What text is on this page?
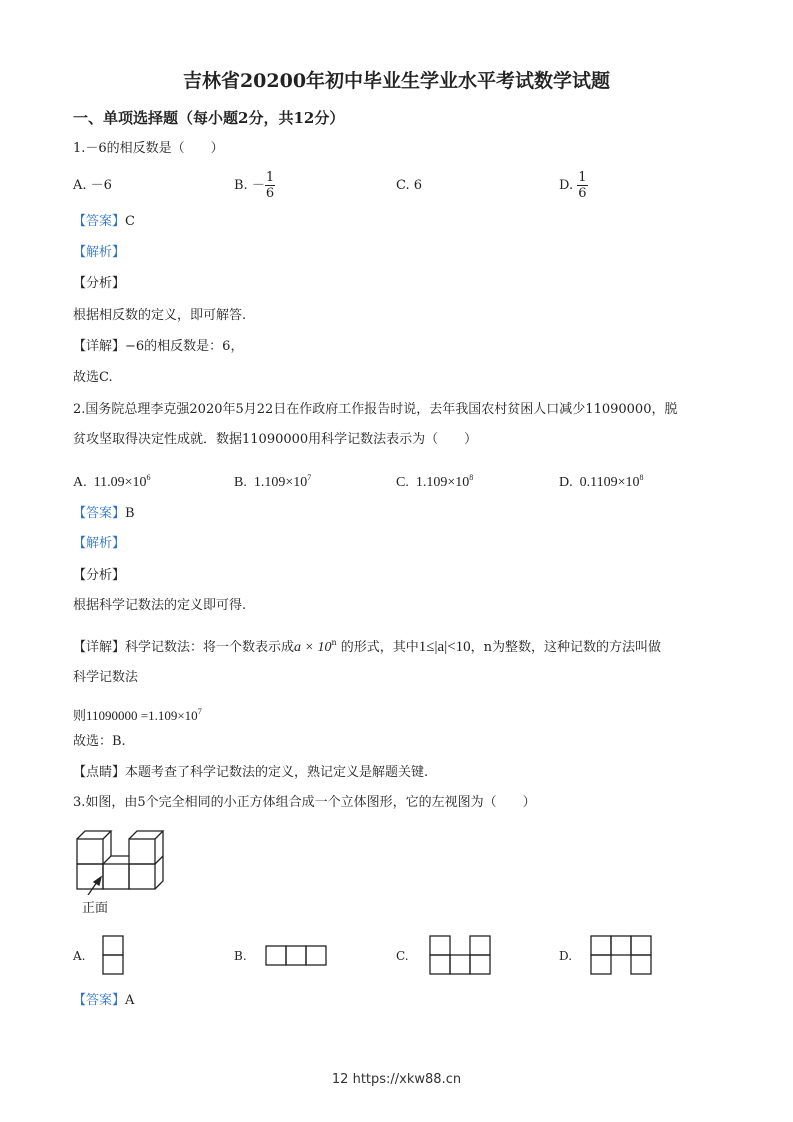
吉林省20200年初中毕业生学业水平考试数学试题
一、单项选择题（每小题2分，共12分）
1.－6的相反数是（　　）
A. －6	B. － $\frac{1}{6}$	C. 6	D. $\frac{1}{6}$
【答案】C
【解析】
【分析】
根据相反数的定义，即可解答.
【详解】−6的相反数是：6，
故选C.
2.国务院总理李克强2020年5月22日在作政府工作报告时说，去年我国农村贫困人口减少11090000，脱
贫攻坚取得决定性成就．数据11090000用科学记数法表示为（　　）
A. $11.09\times 10^6$	B. $1.109\times 10^7$	C. $1.109\times 10^8$	D. $0.1109\times 10^8$
【答案】B
【解析】
【分析】
根据科学记数法的定义即可得.
【详解】科学记数法：将一个数表示成$a \times 10^n$ 的形式，其中1≤|a|<10，n为整数，这种记数的方法叫做
科学记数法
则$11090000 =1.109\times 10^7$
故选：B.
【点睛】本题考查了科学记数法的定义，熟记定义是解题关键.
3.如图，由5个完全相同的小正方体组合成一个立体图形，它的左视图为（　　）
正面
A.	B.	C.	D.
【答案】A
12 https://xkw88.cn
